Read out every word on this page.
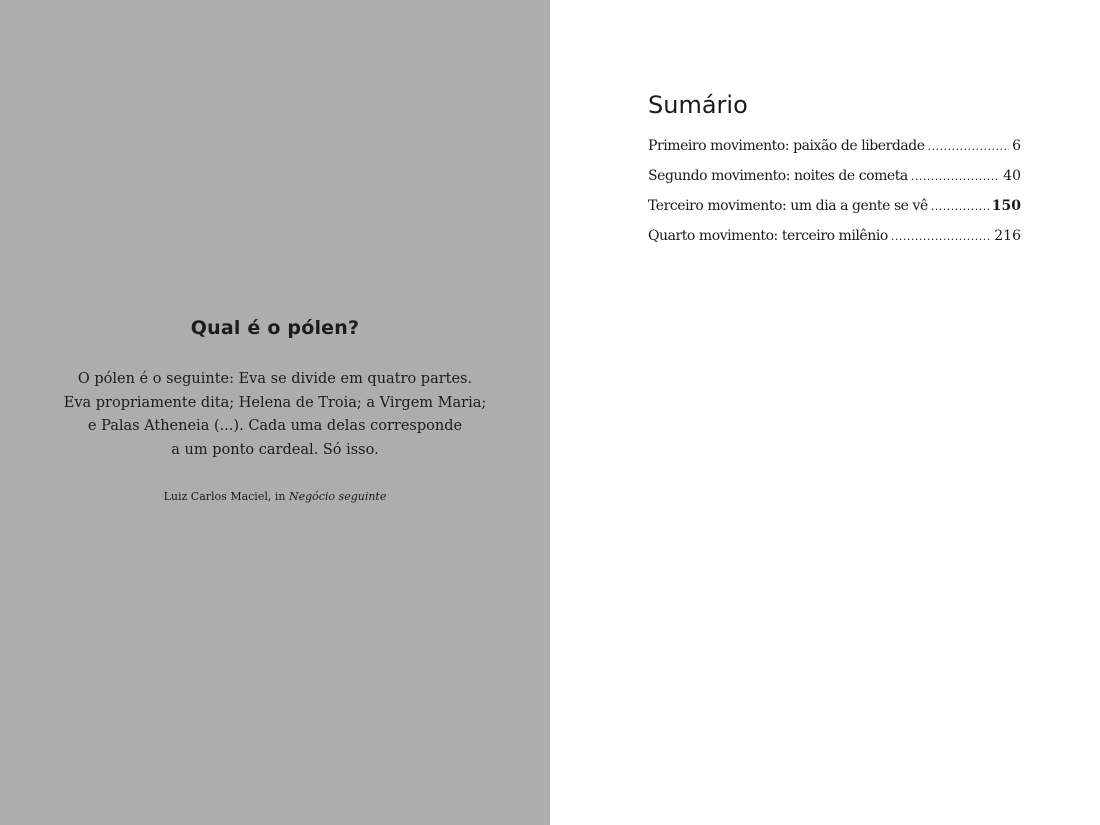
Qual é o pólen?

O pólen é o seguinte: Eva se divide em quatro partes.
Eva propriamente dita; Helena de Troia; a Virgem Maria;
e Palas Atheneia (...). Cada uma delas corresponde
a um ponto cardeal. Só isso.

Luiz Carlos Maciel, in Negócio seguinte

Sumário
Primeiro movimento: paixão de liberdade .....	6
Segundo movimento: noites de cometa .....	40
Terceiro movimento: um dia a gente se vê .....	150
Quarto movimento: terceiro milênio .....	216
